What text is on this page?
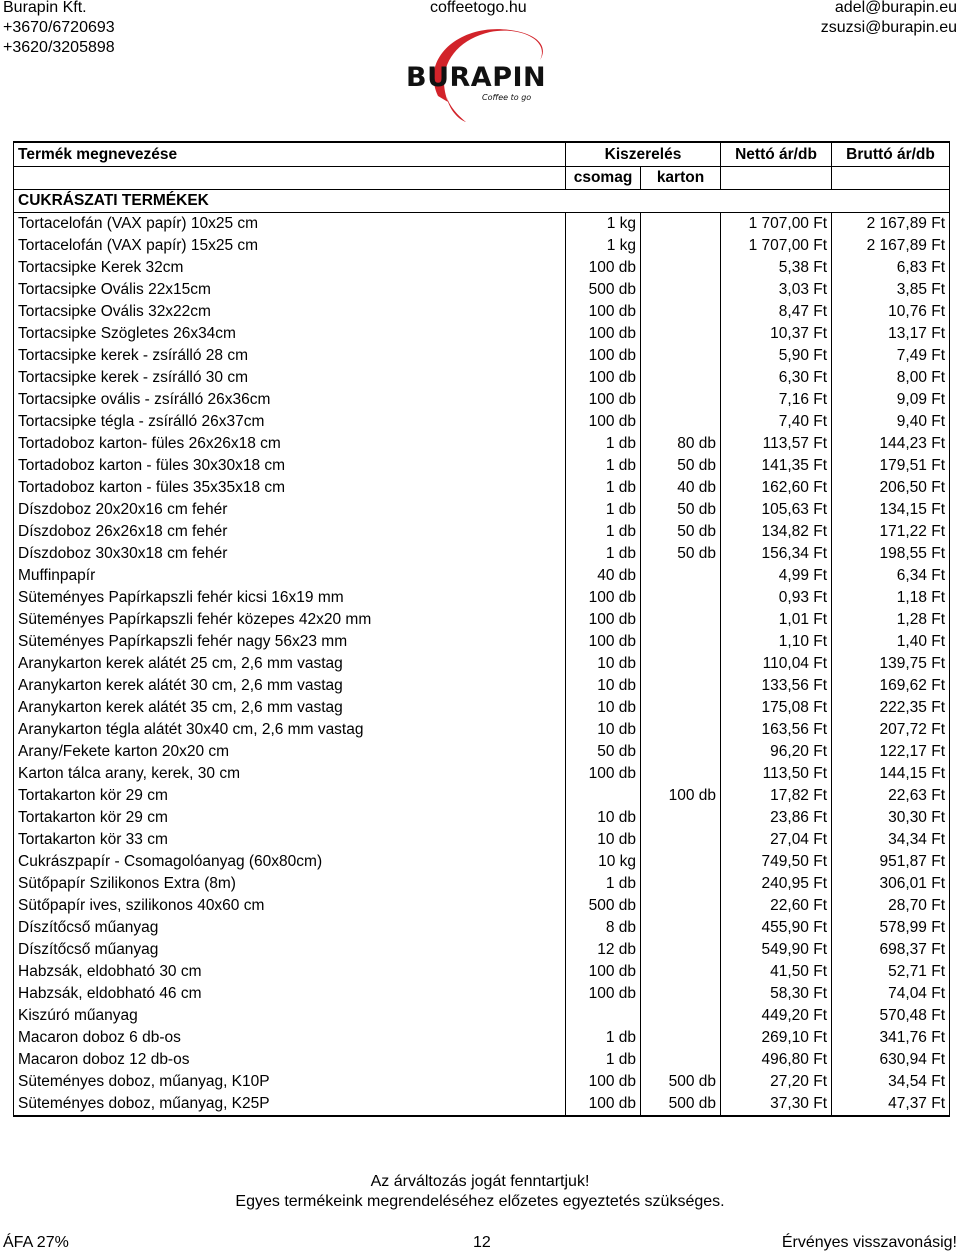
Burapin Kft.
+3670/6720693
+3620/3205898
coffeetogo.hu	adel@burapin.eu
zsuzsi@burapin.eu
BURAPIN
Coffee to go
Termék megnevezése	Kiszerelés		Nettó ár/db	Bruttó ár/db
	csomag	karton		
CUKRÁSZATI TERMÉKEK				
Tortacelofán (VAX papír) 10x25 cm	1 kg		1 707,00 Ft	2 167,89 Ft
Tortacelofán (VAX papír) 15x25 cm	1 kg		1 707,00 Ft	2 167,89 Ft
Tortacsipke Kerek 32cm	100 db		5,38 Ft	6,83 Ft
Tortacsipke Ovális 22x15cm	500 db		3,03 Ft	3,85 Ft
Tortacsipke Ovális 32x22cm	100 db		8,47 Ft	10,76 Ft
Tortacsipke Szögletes 26x34cm	100 db		10,37 Ft	13,17 Ft
Tortacsipke kerek - zsírálló 28 cm	100 db		5,90 Ft	7,49 Ft
Tortacsipke kerek - zsírálló 30 cm	100 db		6,30 Ft	8,00 Ft
Tortacsipke ovális - zsírálló 26x36cm	100 db		7,16 Ft	9,09 Ft
Tortacsipke tégla - zsírálló 26x37cm	100 db		7,40 Ft	9,40 Ft
Tortadoboz karton- füles 26x26x18 cm	1 db	80 db	113,57 Ft	144,23 Ft
Tortadoboz karton - füles 30x30x18 cm	1 db	50 db	141,35 Ft	179,51 Ft
Tortadoboz karton - füles 35x35x18 cm	1 db	40 db	162,60 Ft	206,50 Ft
Díszdoboz 20x20x16 cm fehér	1 db	50 db	105,63 Ft	134,15 Ft
Díszdoboz 26x26x18 cm fehér	1 db	50 db	134,82 Ft	171,22 Ft
Díszdoboz 30x30x18 cm fehér	1 db	50 db	156,34 Ft	198,55 Ft
Muffinpapír	40 db		4,99 Ft	6,34 Ft
Süteményes Papírkapszli fehér kicsi 16x19 mm	100 db		0,93 Ft	1,18 Ft
Süteményes Papírkapszli fehér közepes 42x20 mm	100 db		1,01 Ft	1,28 Ft
Süteményes Papírkapszli fehér nagy 56x23 mm	100 db		1,10 Ft	1,40 Ft
Aranykarton kerek alátét 25 cm, 2,6 mm vastag	10 db		110,04 Ft	139,75 Ft
Aranykarton kerek alátét 30 cm, 2,6 mm vastag	10 db		133,56 Ft	169,62 Ft
Aranykarton kerek alátét 35 cm, 2,6 mm vastag	10 db		175,08 Ft	222,35 Ft
Aranykarton tégla alátét 30x40 cm, 2,6 mm vastag	10 db		163,56 Ft	207,72 Ft
Arany/Fekete karton 20x20 cm	50 db		96,20 Ft	122,17 Ft
Karton tálca arany, kerek, 30 cm	100 db		113,50 Ft	144,15 Ft
Tortakarton kör 29 cm		100 db	17,82 Ft	22,63 Ft
Tortakarton kör 29 cm	10 db		23,86 Ft	30,30 Ft
Tortakarton kör 33 cm	10 db		27,04 Ft	34,34 Ft
Cukrászpapír - Csomagolóanyag (60x80cm)	10 kg		749,50 Ft	951,87 Ft
Sütőpapír Szilikonos Extra (8m)	1 db		240,95 Ft	306,01 Ft
Sütőpapír ives, szilikonos 40x60 cm	500 db		22,60 Ft	28,70 Ft
Díszítőcső műanyag	8 db		455,90 Ft	578,99 Ft
Díszítőcső műanyag	12 db		549,90 Ft	698,37 Ft
Habzsák, eldobható 30 cm	100 db		41,50 Ft	52,71 Ft
Habzsák, eldobható 46 cm	100 db		58,30 Ft	74,04 Ft
Kiszúró műanyag			449,20 Ft	570,48 Ft
Macaron doboz 6 db-os	1 db		269,10 Ft	341,76 Ft
Macaron doboz 12 db-os	1 db		496,80 Ft	630,94 Ft
Süteményes doboz, műanyag, K10P	100 db	500 db	27,20 Ft	34,54 Ft
Süteményes doboz, műanyag, K25P	100 db	500 db	37,30 Ft	47,37 Ft
Az árváltozás jogát fenntartjuk!
Egyes termékeink megrendeléséhez előzetes egyeztetés szükséges.
ÁFA 27%	12	Érvényes visszavonásig!
